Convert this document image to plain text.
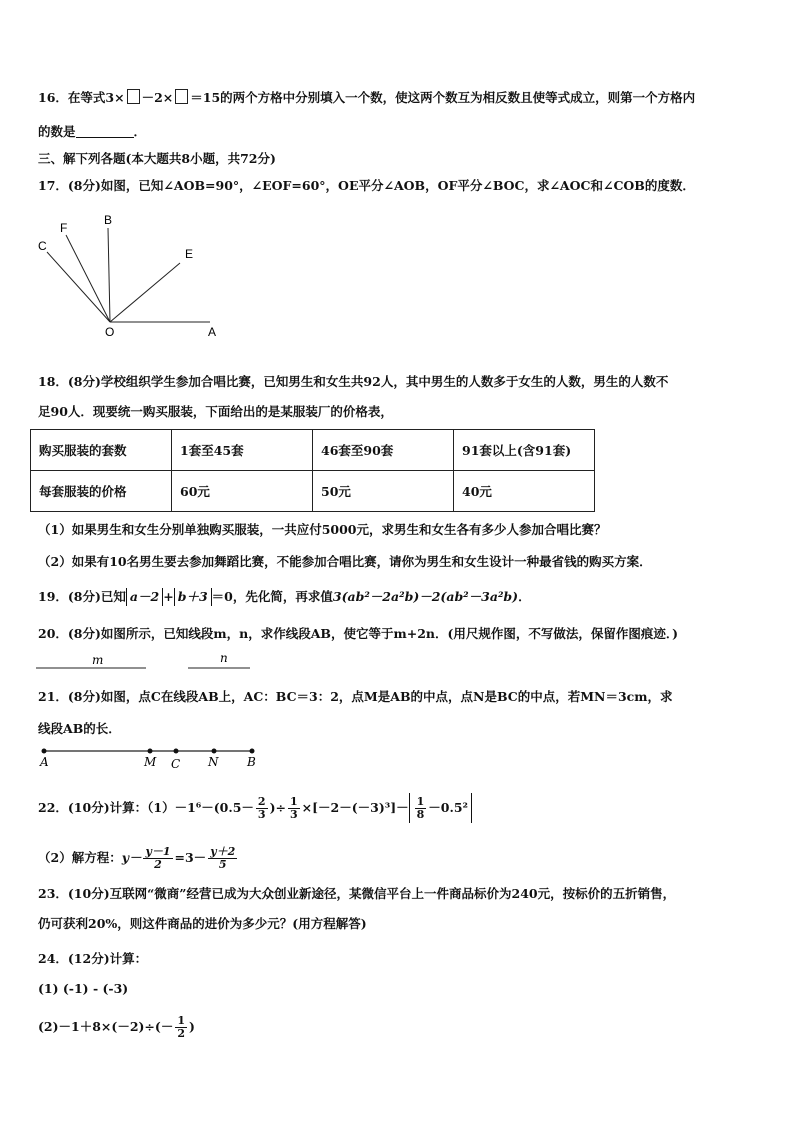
16．在等式3× －2× ＝15的两个方格中分别填入一个数，使这两个数互为相反数且使等式成立，则第一个方格内
的数是	．
三、解下列各题(本大题共8小题，共72分)
17．(8分)如图，已知∠AOB=90°，∠EOF=60°，OE平分∠AOB，OF平分∠BOC，求∠AOC和∠COB的度数．
B
F
C
E
O	A
18．(8分)学校组织学生参加合唱比赛，已知男生和女生共92人，其中男生的人数多于女生的人数，男生的人数不
足90人．现要统一购买服装，下面给出的是某服装厂的价格表，
购买服装的套数	1套至45套	46套至90套	91套以上(含91套)
每套服装的价格	60元	50元	40元
（1）如果男生和女生分别单独购买服装，一共应付5000元，求男生和女生各有多少人参加合唱比赛？
（2）如果有10名男生要去参加舞蹈比赛，不能参加合唱比赛，请你为男生和女生设计一种最省钱的购买方案．
19．(8分)已知 a－2 + b＋3 ＝0，先化简，再求值3(ab²－2a²b)－2(ab²－3a²b)．
20．(8分)如图所示，已知线段m，n，求作线段AB，使它等于m+2n．(用尺规作图，不写做法，保留作图痕迹．)
m	n
21．(8分)如图，点C在线段AB上，AC：BC＝3：2，点M是AB的中点，点N是BC的中点，若MN＝3cm，求
线段AB的长．
A	M C N B
22．(10分)计算：$(1)-1^6-(0.5- \frac{2}{3}$ )÷ $\frac{1}{3} \times[-2-(-3)^3]- \frac{1}{8} -0.5^2$
（2）解方程：$y- \frac{y-1}{2} =3- \frac{y+2}{5}$
23．(10分)互联网“微商”经营已成为大众创业新途径，某微信平台上一件商品标价为240元，按标价的五折销售，
仍可获利20%，则这件商品的进价为多少元？(用方程解答)
24．(12分)计算：
(1) (-1) - (-3)
$(2)-1+8\times(-2)\div(- \frac{1}{2}$ )
